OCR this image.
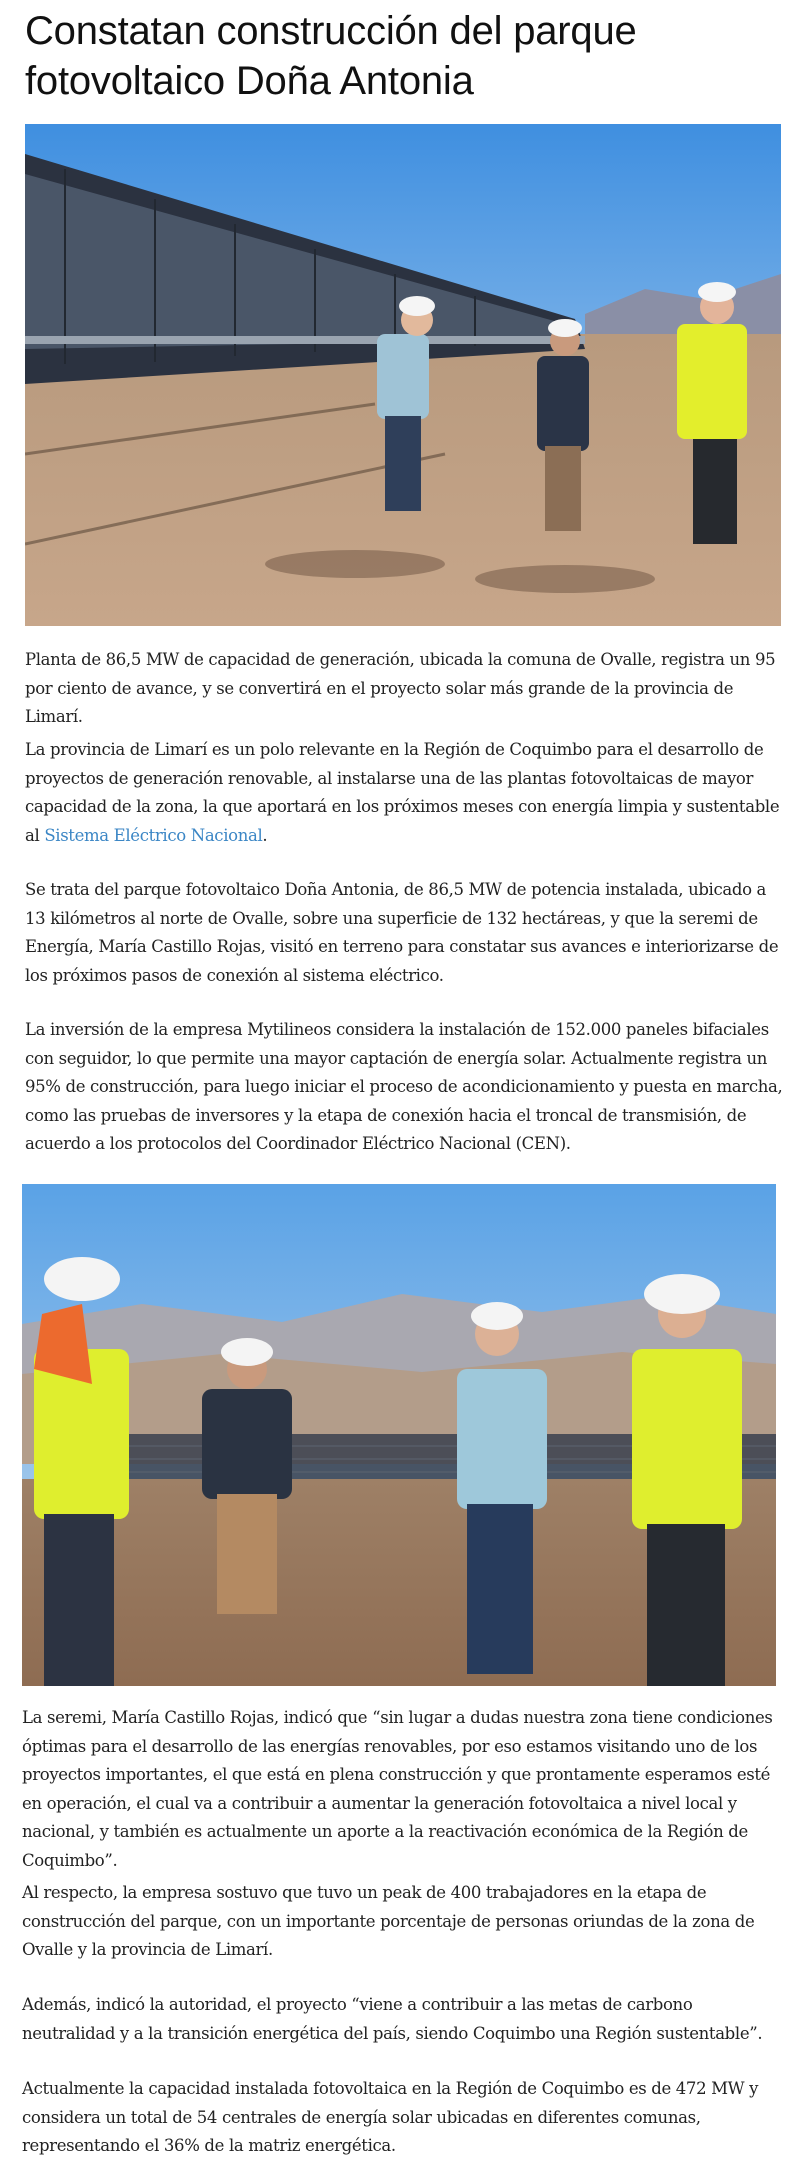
Constatan construcción del parque fotovoltaico Doña Antonia

Planta de 86,5 MW de capacidad de generación, ubicada la comuna de Ovalle, registra un 95 por ciento de avance, y se convertirá en el proyecto solar más grande de la provincia de Limarí.

La provincia de Limarí es un polo relevante en la Región de Coquimbo para el desarrollo de proyectos de generación renovable, al instalarse una de las plantas fotovoltaicas de mayor capacidad de la zona, la que aportará en los próximos meses con energía limpia y sustentable al Sistema Eléctrico Nacional.

Se trata del parque fotovoltaico Doña Antonia, de 86,5 MW de potencia instalada, ubicado a 13 kilómetros al norte de Ovalle, sobre una superficie de 132 hectáreas, y que la seremi de Energía, María Castillo Rojas, visitó en terreno para constatar sus avances e interiorizarse de los próximos pasos de conexión al sistema eléctrico.

La inversión de la empresa Mytilineos considera la instalación de 152.000 paneles bifaciales con seguidor, lo que permite una mayor captación de energía solar. Actualmente registra un 95% de construcción, para luego iniciar el proceso de acondicionamiento y puesta en marcha, como las pruebas de inversores y la etapa de conexión hacia el troncal de transmisión, de acuerdo a los protocolos del Coordinador Eléctrico Nacional (CEN).

La seremi, María Castillo Rojas, indicó que “sin lugar a dudas nuestra zona tiene condiciones óptimas para el desarrollo de las energías renovables, por eso estamos visitando uno de los proyectos importantes, el que está en plena construcción y que prontamente esperamos esté en operación, el cual va a contribuir a aumentar la generación fotovoltaica a nivel local y nacional, y también es actualmente un aporte a la reactivación económica de la Región de Coquimbo”.

Al respecto, la empresa sostuvo que tuvo un peak de 400 trabajadores en la etapa de construcción del parque, con un importante porcentaje de personas oriundas de la zona de Ovalle y la provincia de Limarí.

Además, indicó la autoridad, el proyecto “viene a contribuir a las metas de carbono neutralidad y a la transición energética del país, siendo Coquimbo una Región sustentable”.

Actualmente la capacidad instalada fotovoltaica en la Región de Coquimbo es de 472 MW y considera un total de 54 centrales de energía solar ubicadas en diferentes comunas, representando el 36% de la matriz energética.
